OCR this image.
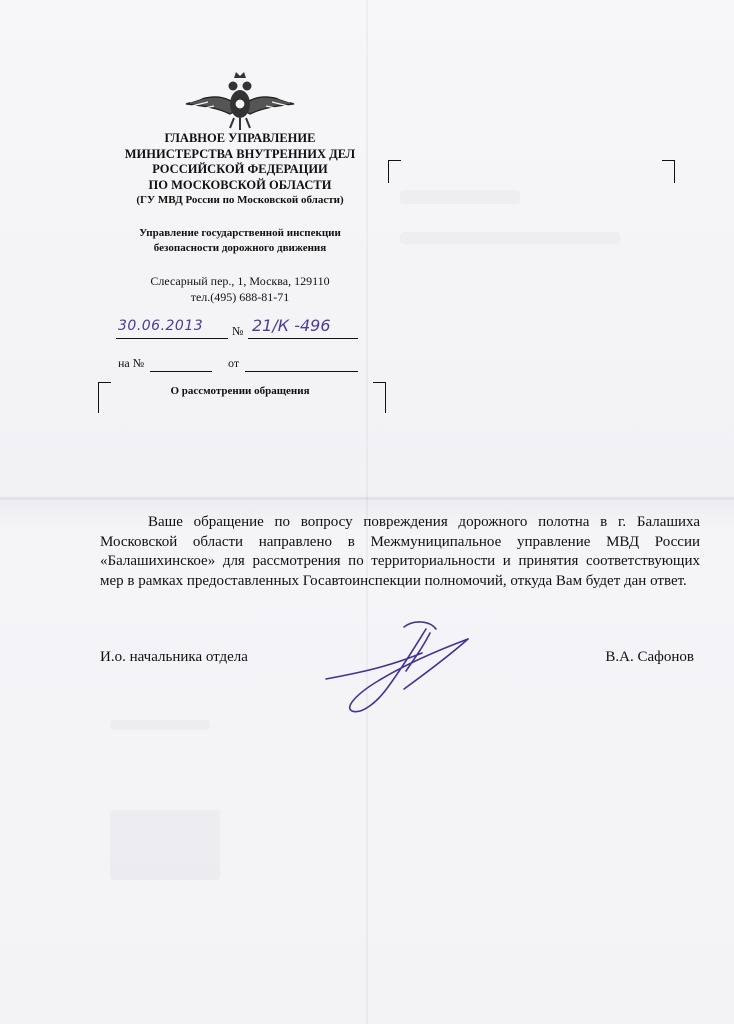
ГЛАВНОЕ УПРАВЛЕНИЕ
МИНИСТЕРСТВА ВНУТРЕННИХ ДЕЛ
РОССИЙСКОЙ ФЕДЕРАЦИИ
ПО МОСКОВСКОЙ ОБЛАСТИ
(ГУ МВД России по Московской области)
Управление государственной инспекции
безопасности дорожного движения
Слесарный пер., 1, Москва, 129110
тел.(495) 688-81-71
30.06.2013 № 21/К -496
на №	от
О рассмотрении обращения
Ваше обращение по вопросу повреждения дорожного полотна в г. Балашиха Московской области направлено в Межмуниципальное управление МВД России «Балашихинское» для рассмотрения по территориальности и принятия соответствующих мер в рамках предоставленных Госавтоинспекции полномочий, откуда Вам будет дан ответ.
И.о. начальника отдела	В.А. Сафонов
